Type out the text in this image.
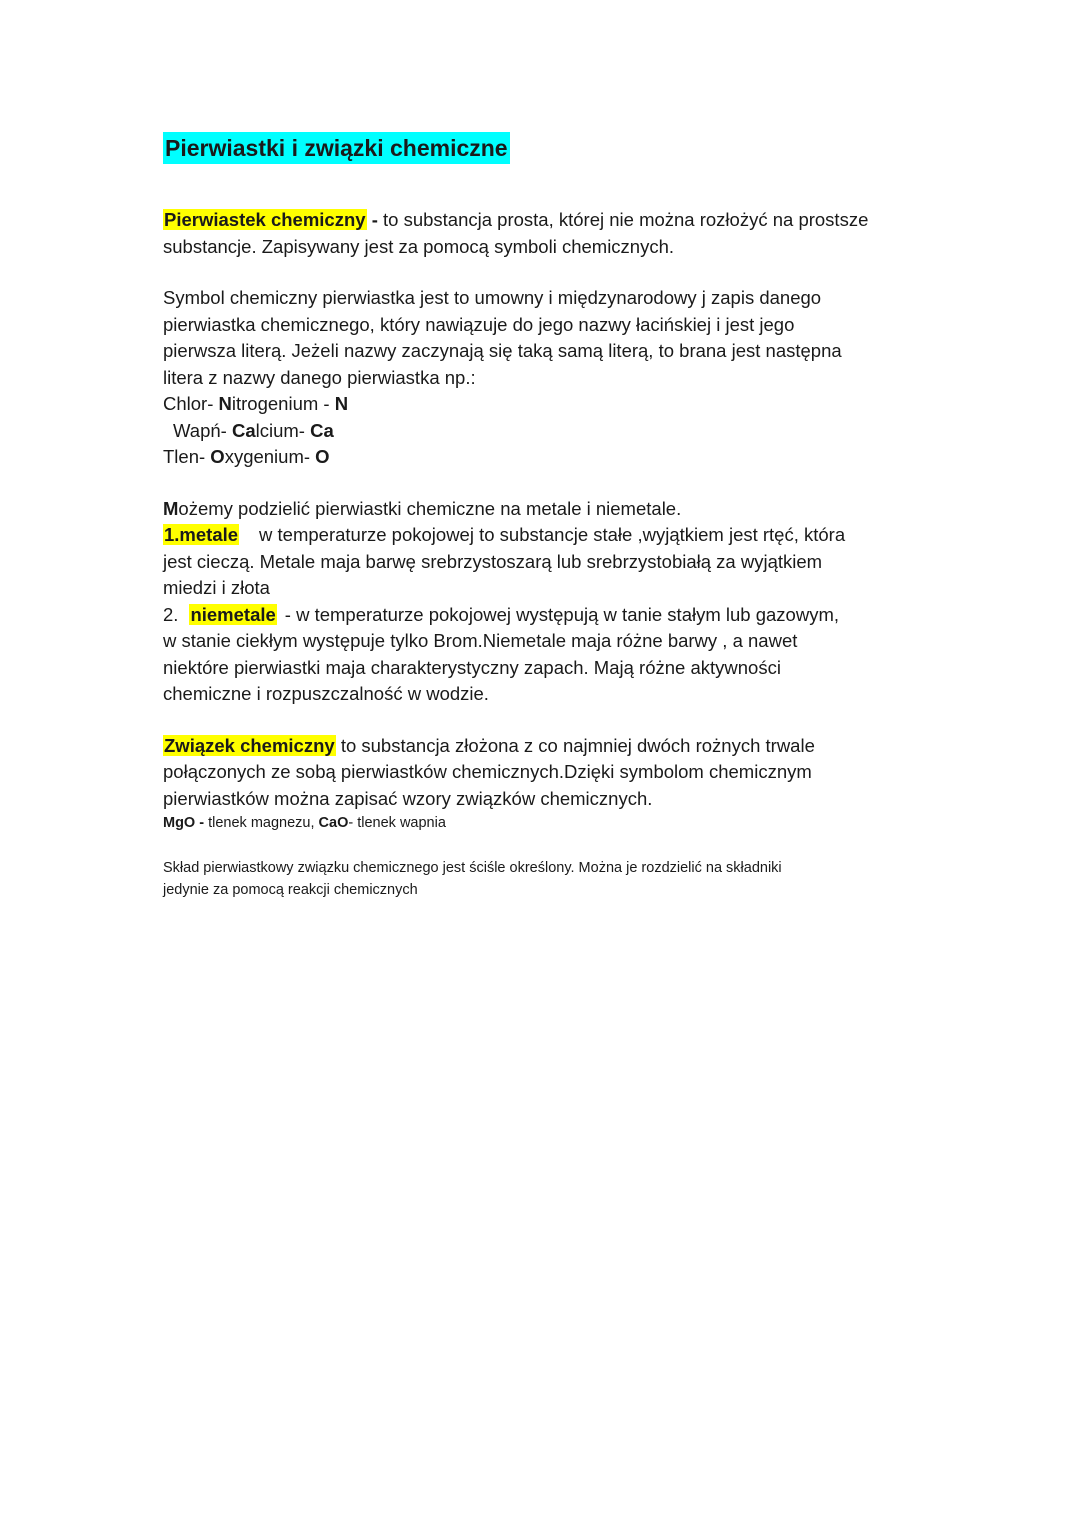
Pierwiastki i związki chemiczne

Pierwiastek chemiczny - to substancja prosta, której nie można rozłożyć na prostsze

substancje. Zapisywany jest za pomocą symboli chemicznych.

Symbol chemiczny pierwiastka jest to umowny i międzynarodowy j zapis danego

pierwiastka chemicznego, który nawiązuje do jego nazwy łacińskiej i jest jego

pierwsza literą. Jeżeli nazwy zaczynają się taką samą literą, to brana jest następna

litera z nazwy danego pierwiastka np.:

Chlor- Nitrogenium - N

Wapń- Calcium- Ca

Tlen- Oxygenium- O

Możemy podzielić pierwiastki chemiczne na metale i niemetale.

1.metale w temperaturze pokojowej to substancje stałe ,wyjątkiem jest rtęć, która

jest cieczą. Metale maja barwę srebrzystoszarą lub srebrzystobiałą za wyjątkiem

miedzi i złota

2. niemetale - w temperaturze pokojowej występują w tanie stałym lub gazowym,

w stanie ciekłym występuje tylko Brom.Niemetale maja różne barwy , a nawet

niektóre pierwiastki maja charakterystyczny zapach. Mają różne aktywności

chemiczne i rozpuszczalność w wodzie.

Związek chemiczny to substancja złożona z co najmniej dwóch rożnych trwale

połączonych ze sobą pierwiastków chemicznych.Dzięki symbolom chemicznym

pierwiastków można zapisać wzory związków chemicznych.

MgO - tlenek magnezu, CaO- tlenek wapnia

Skład pierwiastkowy związku chemicznego jest ściśle określony. Można je rozdzielić na składniki

jedynie za pomocą reakcji chemicznych
